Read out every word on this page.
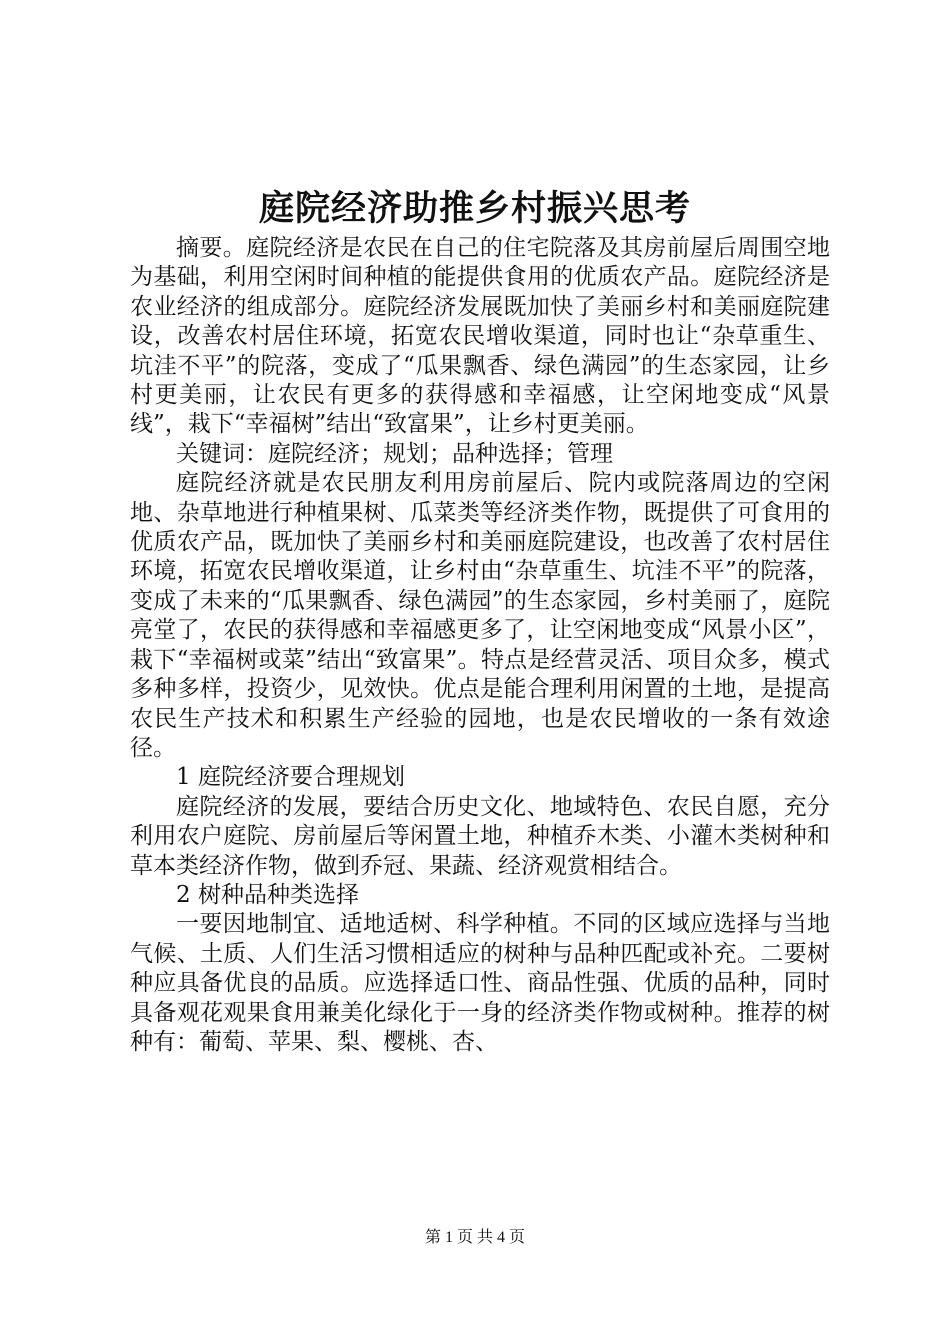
庭院经济助推乡村振兴思考

摘要。庭院经济是农民在自己的住宅院落及其房前屋后周围空地为基础，利用空闲时间种植的能提供食用的优质农产品。庭院经济是农业经济的组成部分。庭院经济发展既加快了美丽乡村和美丽庭院建设，改善农村居住环境，拓宽农民增收渠道，同时也让“杂草重生、坑洼不平”的院落，变成了“瓜果飘香、绿色满园”的生态家园，让乡村更美丽，让农民有更多的获得感和幸福感，让空闲地变成“风景线”，栽下“幸福树”结出“致富果”，让乡村更美丽。

关键词：庭院经济；规划；品种选择；管理

庭院经济就是农民朋友利用房前屋后、院内或院落周边的空闲地、杂草地进行种植果树、瓜菜类等经济类作物，既提供了可食用的优质农产品，既加快了美丽乡村和美丽庭院建设，也改善了农村居住环境，拓宽农民增收渠道，让乡村由“杂草重生、坑洼不平”的院落，变成了未来的“瓜果飘香、绿色满园”的生态家园，乡村美丽了，庭院亮堂了，农民的获得感和幸福感更多了，让空闲地变成“风景小区”，栽下“幸福树或菜”结出“致富果”。特点是经营灵活、项目众多，模式多种多样，投资少，见效快。优点是能合理利用闲置的土地，是提高农民生产技术和积累生产经验的园地，也是农民增收的一条有效途径。

1 庭院经济要合理规划

庭院经济的发展，要结合历史文化、地域特色、农民自愿，充分利用农户庭院、房前屋后等闲置土地，种植乔木类、小灌木类树种和草本类经济作物，做到乔冠、果蔬、经济观赏相结合。

2 树种品种类选择

一要因地制宜、适地适树、科学种植。不同的区域应选择与当地气候、土质、人们生活习惯相适应的树种与品种匹配或补充。二要树种应具备优良的品质。应选择适口性、商品性强、优质的品种，同时具备观花观果食用兼美化绿化于一身的经济类作物或树种。推荐的树种有：葡萄、苹果、梨、樱桃、杏、

第 1 页 共 4 页
